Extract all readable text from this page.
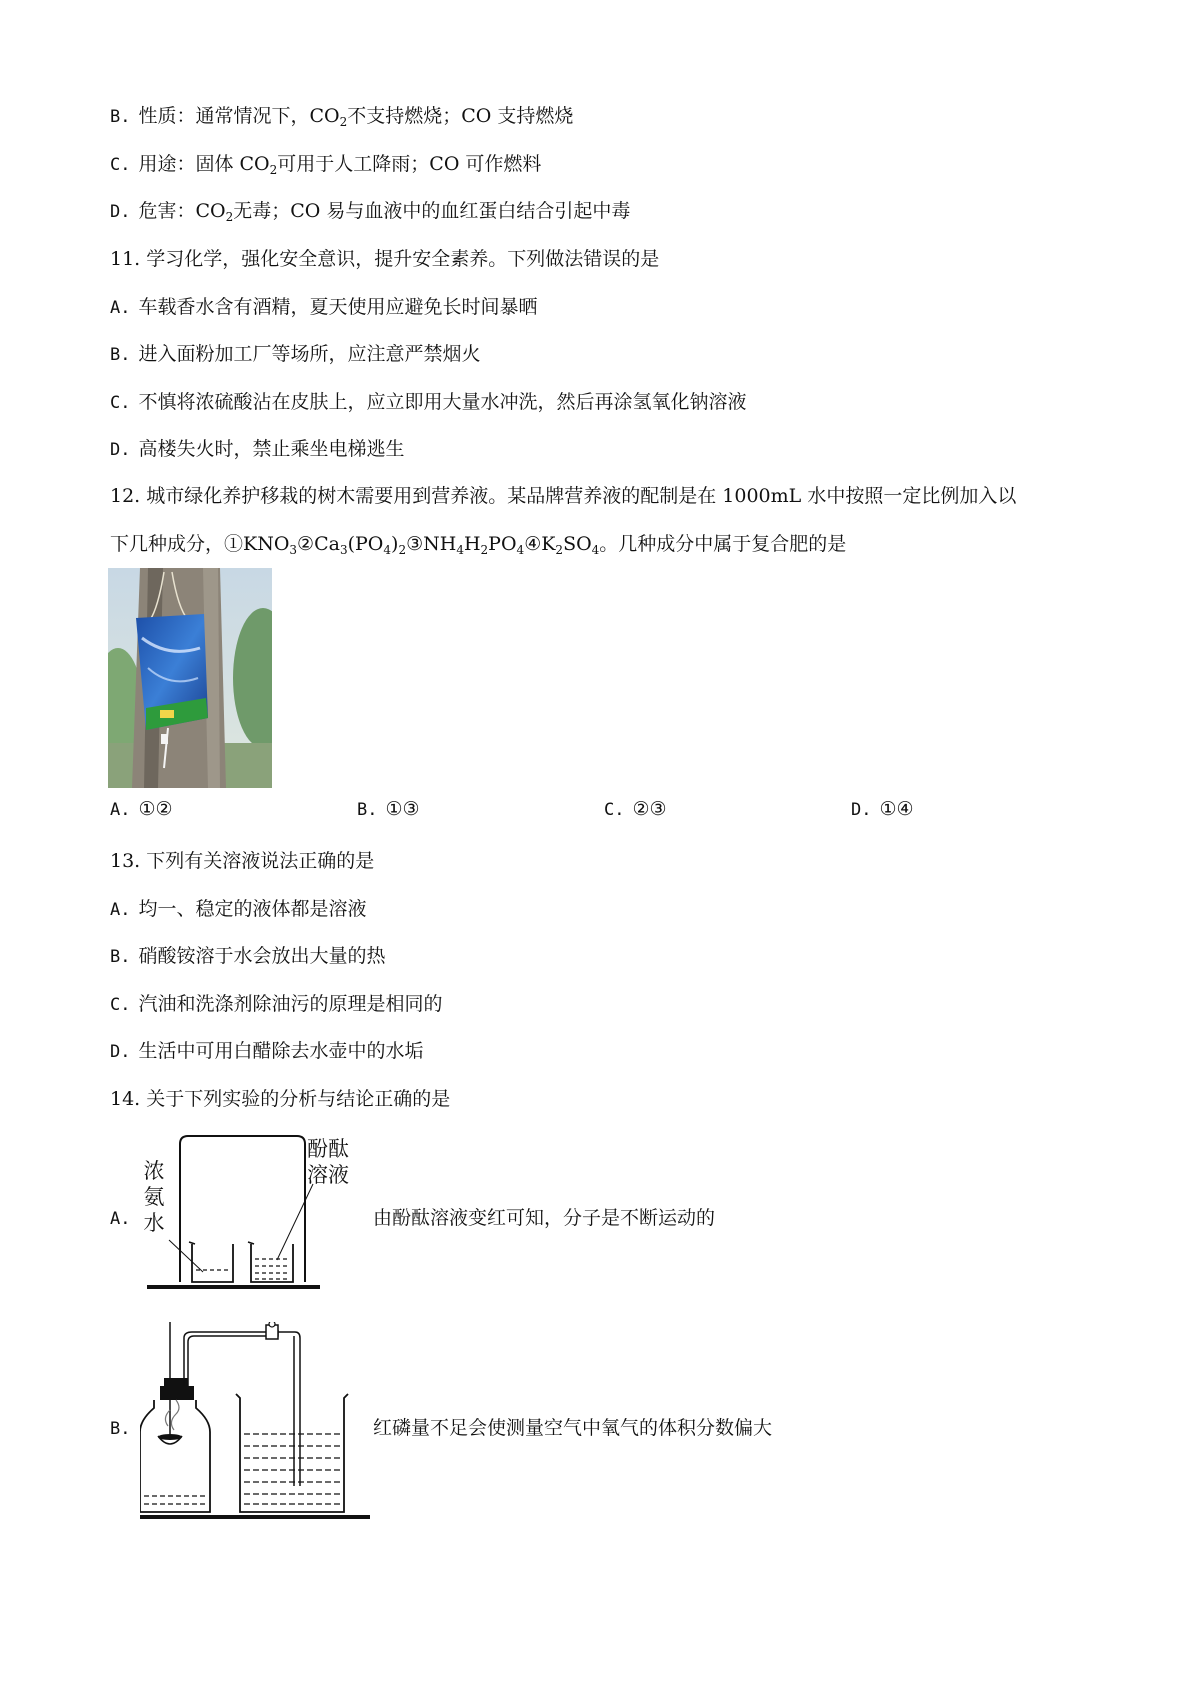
B. 性质：通常情况下，$CO_2$不支持燃烧；CO 支持燃烧
C. 用途：固体 $CO_2$可用于人工降雨；CO 可作燃料
D. 危害：$CO_2$无毒；CO 易与血液中的血红蛋白结合引起中毒
11. 学习化学，强化安全意识，提升安全素养。下列做法错误的是
A. 车载香水含有酒精，夏天使用应避免长时间暴晒
B. 进入面粉加工厂等场所，应注意严禁烟火
C. 不慎将浓硫酸沾在皮肤上，应立即用大量水冲洗，然后再涂氢氧化钠溶液
D. 高楼失火时，禁止乘坐电梯逃生
12. 城市绿化养护移栽的树木需要用到营养液。某品牌营养液的配制是在 1000mL 水中按照一定比例加入以
下几种成分，$①KNO_3②Ca_3(PO_4)_2③NH_4H_2PO_4④K_2SO_4$。几种成分中属于复合肥的是
A. ①②	B. ①③	C. ②③	D. ①④
13. 下列有关溶液说法正确的是
A. 均一、稳定的液体都是溶液
B. 硝酸铵溶于水会放出大量的热
C. 汽油和洗涤剂除油污的原理是相同的
D. 生活中可用白醋除去水壶中的水垢
14. 关于下列实验的分析与结论正确的是
A.
浓
氨
水
酚酞
溶液
由酚酞溶液变红可知，分子是不断运动的
B.	红磷量不足会使测量空气中氧气的体积分数偏大
